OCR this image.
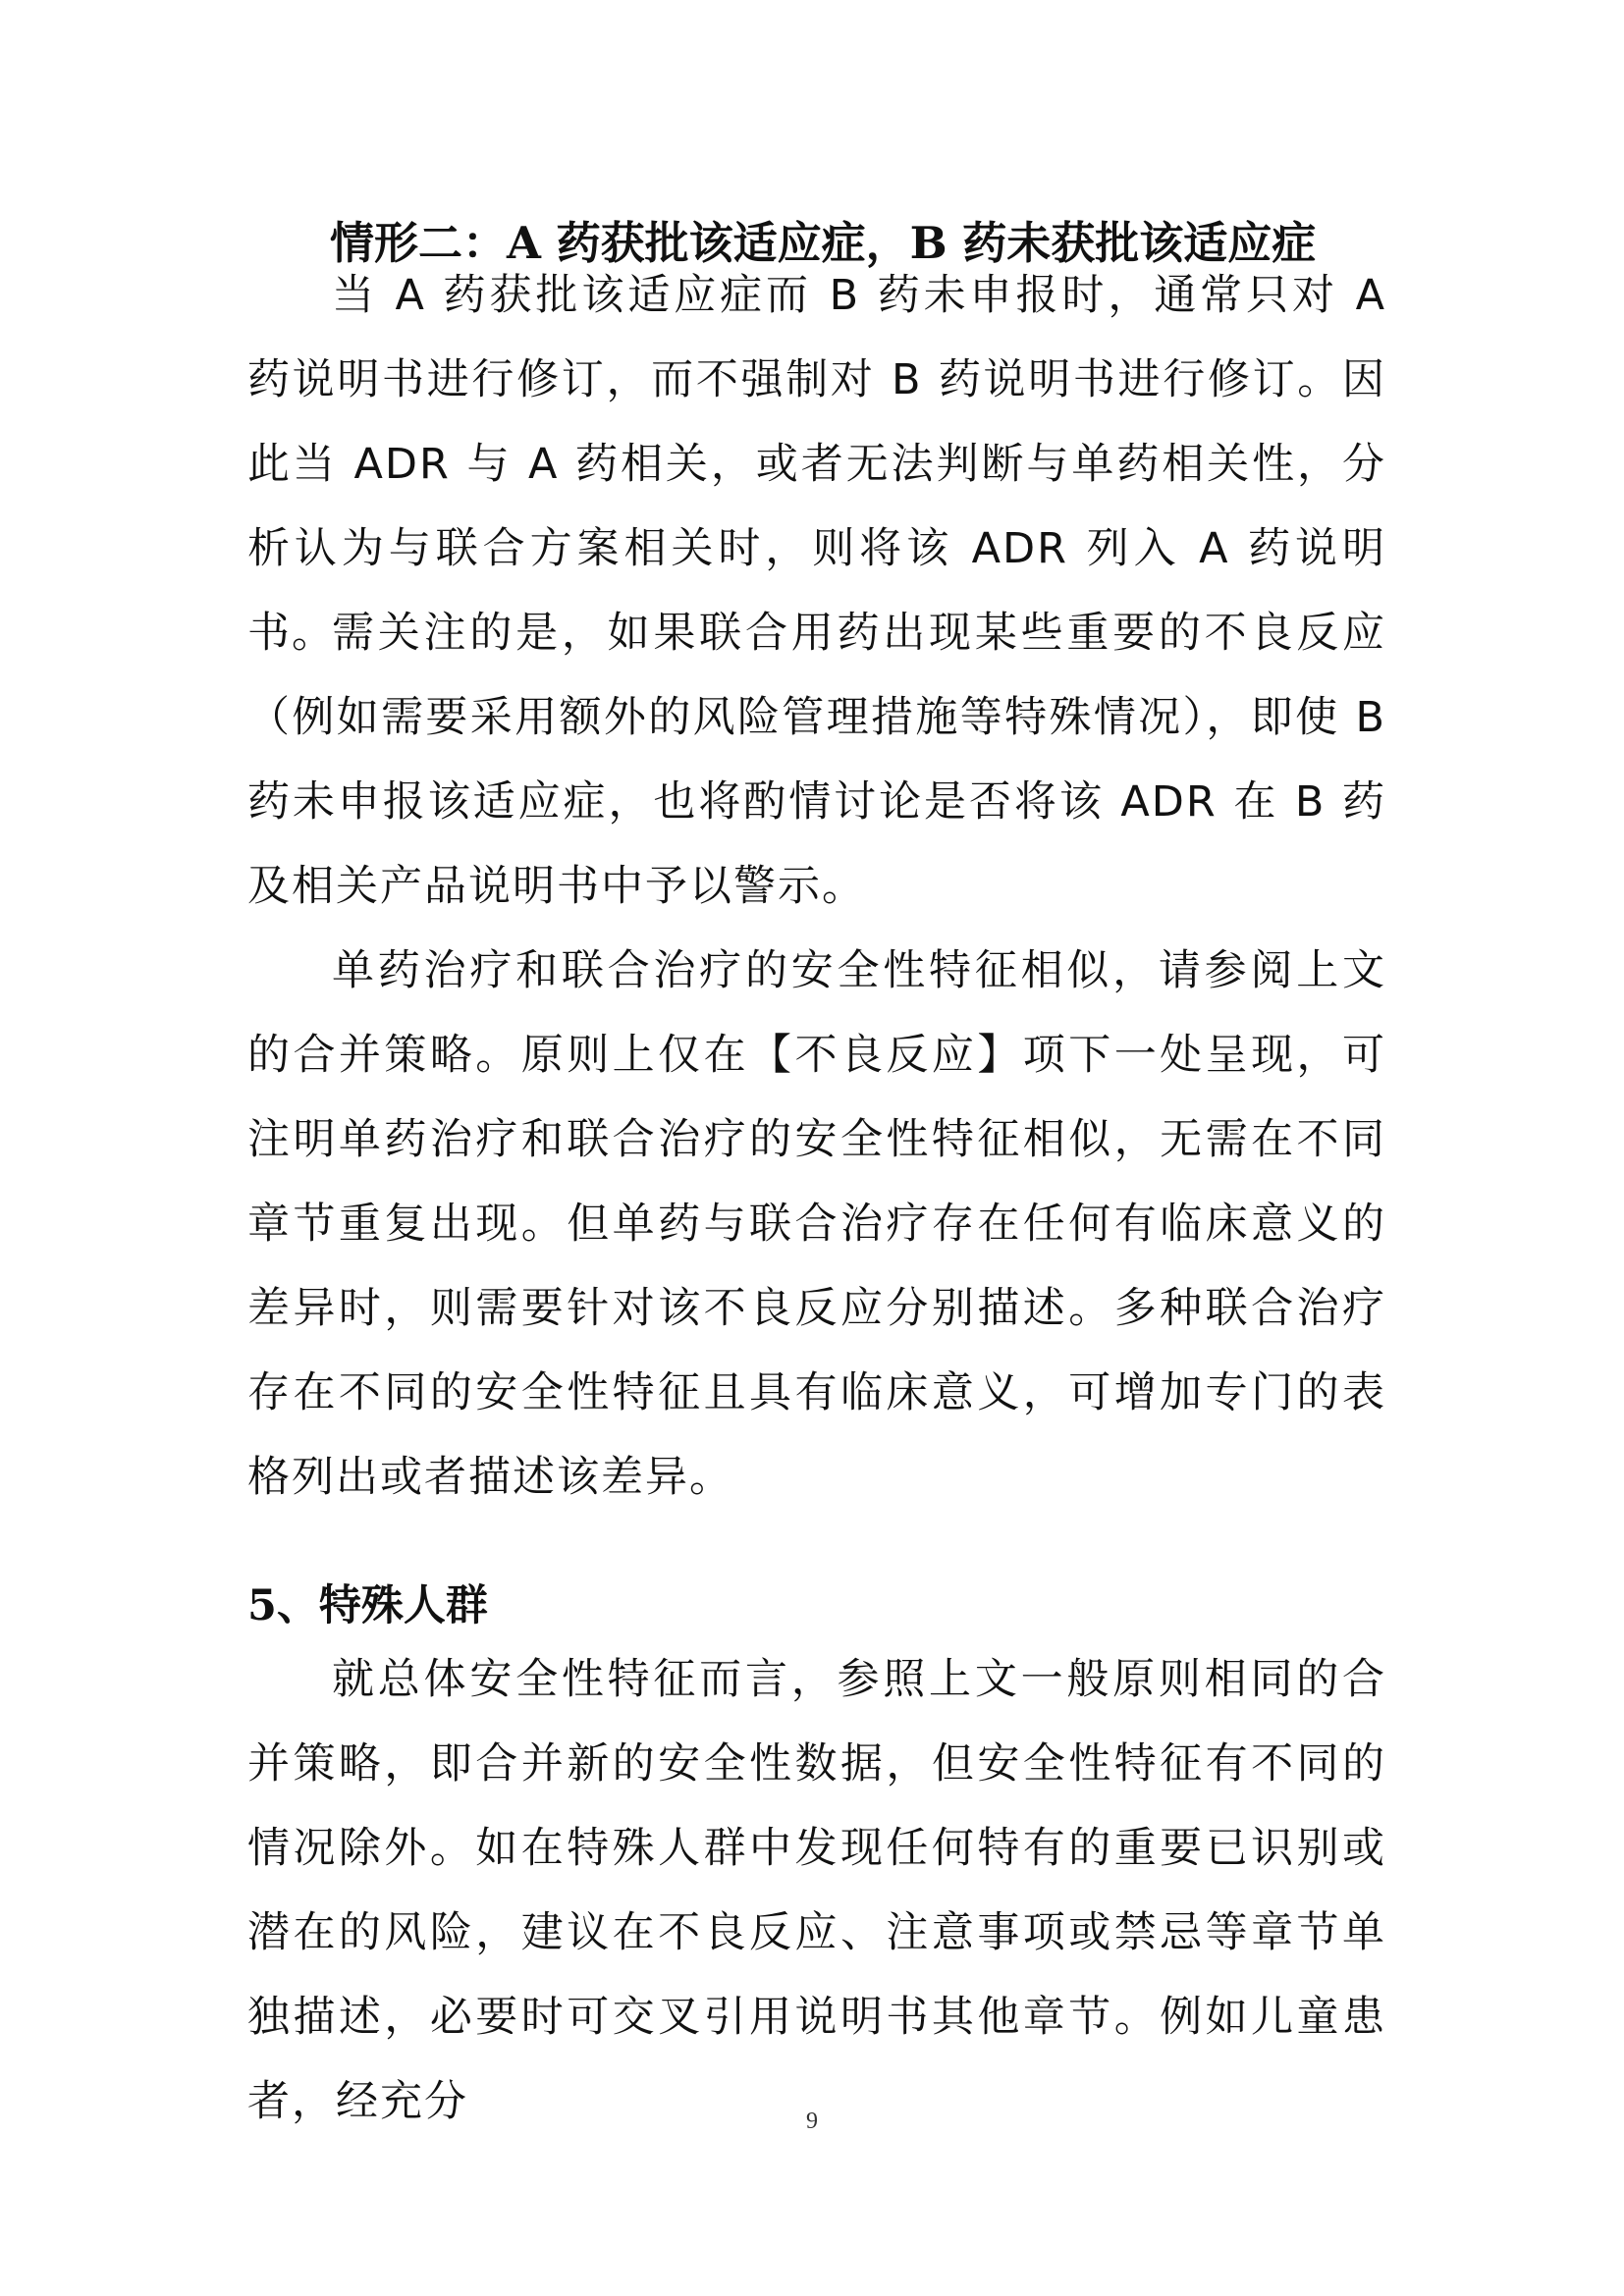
情形二：A 药获批该适应症，B 药未获批该适应症

当 A 药获批该适应症而 B 药未申报时，通常只对 A 药说明书进行修订，而不强制对 B 药说明书进行修订。因此当 ADR 与 A 药相关，或者无法判断与单药相关性，分析认为与联合方案相关时，则将该 ADR 列入 A 药说明书。

需关注的是，如果联合用药出现某些重要的不良反应（例如需要采用额外的风险管理措施等特殊情况），即使 B 药未申报该适应症，也将酌情讨论是否将该 ADR 在 B 药及相关产品说明书中予以警示。

单药治疗和联合治疗的安全性特征相似，请参阅上文的合并策略。原则上仅在【不良反应】项下一处呈现，可注明单药治疗和联合治疗的安全性特征相似，无需在不同章节重复出现。但单药与联合治疗存在任何有临床意义的差异时，则需要针对该不良反应分别描述。多种联合治疗存在不同的安全性特征且具有临床意义，可增加专门的表格列出或者描述该差异。

5、特殊人群

就总体安全性特征而言，参照上文一般原则相同的合并策略，即合并新的安全性数据，但安全性特征有不同的情况除外。如在特殊人群中发现任何特有的重要已识别或潜在的风险，建议在不良反应、注意事项或禁忌等章节单独描述，必要时可交叉引用说明书其他章节。例如儿童患者，经充分	9
